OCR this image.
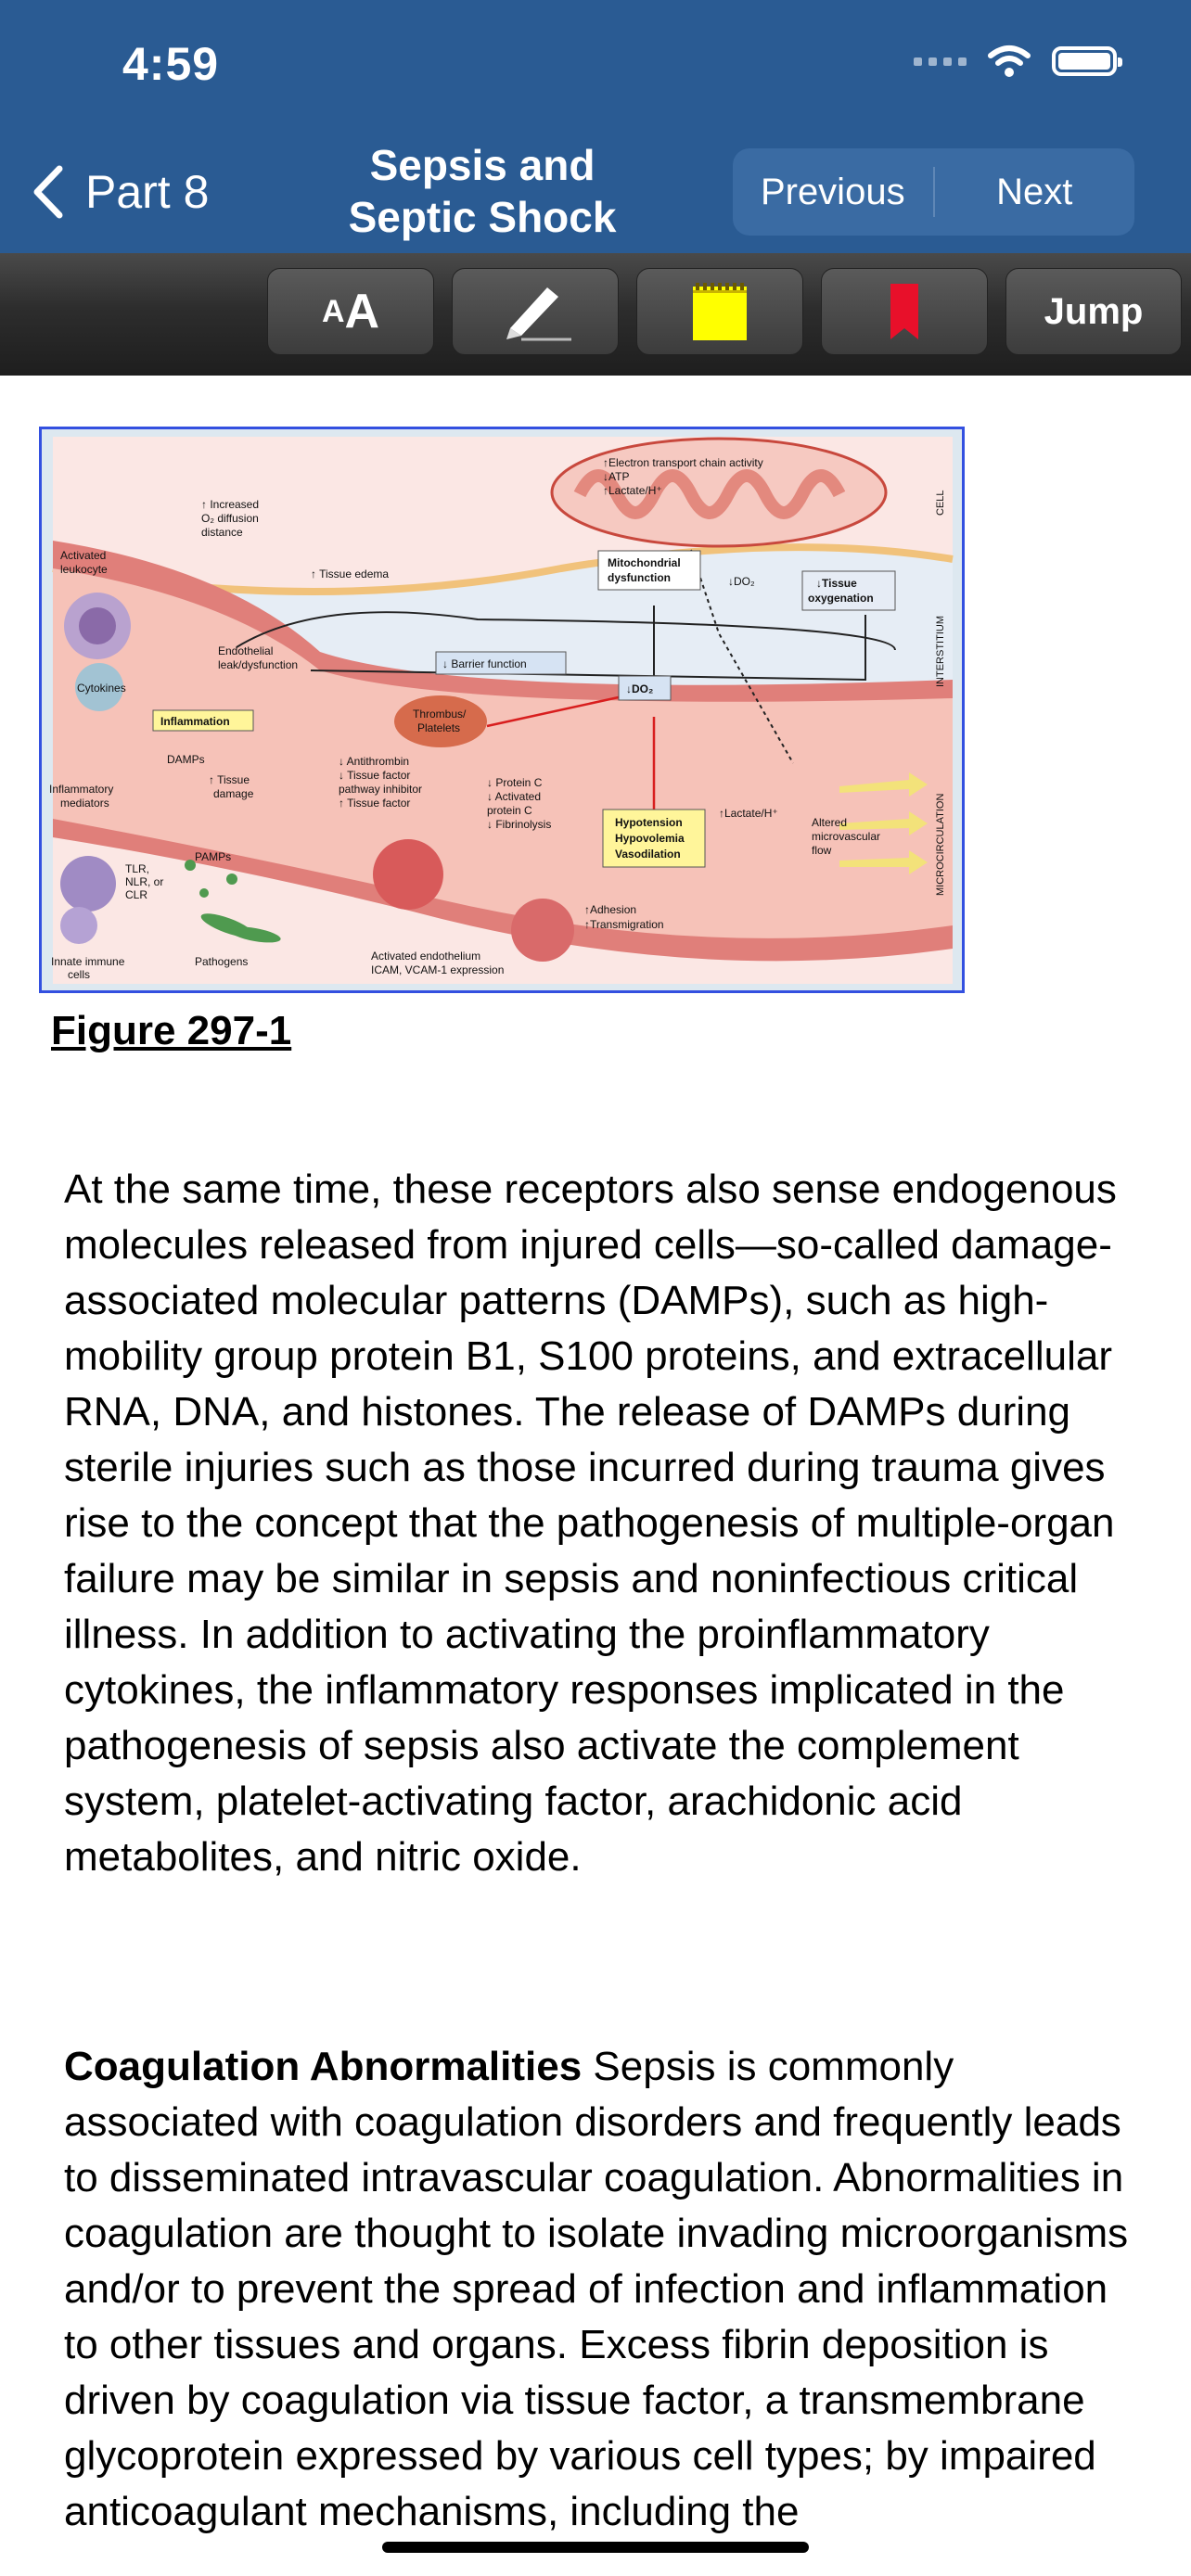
4:59
Part 8
Sepsis and
Septic Shock
Previous	Next
A A	Jump
↑ Increased O₂ diffusion distance
Activated leukocyte	↑ Tissue edema
Endothelial leak/dysfunction
Cytokines
Inflammation
↓ Barrier function
↑Electron transport chain activity ↓ATP ↑Lactate/H⁺
Mitochondrial dysfunction	↓DO₂	↓Tissue oxygenation
↓DO₂
Thrombus/ Platelets
DAMPs
↑ Tissue damage
Inflammatory mediators
↓ Antithrombin ↓ Tissue factor pathway inhibitor ↑ Tissue factor
↓ Protein C ↓ Activated protein C ↓ Fibrinolysis	Hypotension Hypovolemia Vasodilation
↑Lactate/H⁺
Altered microvascular flow
PAMPs
TLR, NLR, or CLR
↑Adhesion ↑Transmigration
Innate immune cells
Pathogens	Activated endothelium ICAM, VCAM-1 expression
CELL
INTERSTITIUM
MICROCIRCULATION
Figure 297-1

At the same time, these receptors also sense endogenous molecules released from injured cells—so-called damage-associated molecular patterns (DAMPs), such as high-mobility group protein B1, S100 proteins, and extracellular RNA, DNA, and histones. The release of DAMPs during sterile injuries such as those incurred during trauma gives rise to the concept that the pathogenesis of multiple-organ failure may be similar in sepsis and noninfectious critical illness. In addition to activating the proinflammatory cytokines, the inflammatory responses implicated in the pathogenesis of sepsis also activate the complement system, platelet-activating factor, arachidonic acid metabolites, and nitric oxide.

Coagulation Abnormalities Sepsis is commonly associated with coagulation disorders and frequently leads to disseminated intravascular coagulation. Abnormalities in coagulation are thought to isolate invading microorganisms and/or to prevent the spread of infection and inflammation to other tissues and organs. Excess fibrin deposition is driven by coagulation via tissue factor, a transmembrane glycoprotein expressed by various cell types; by impaired anticoagulant mechanisms, including the
